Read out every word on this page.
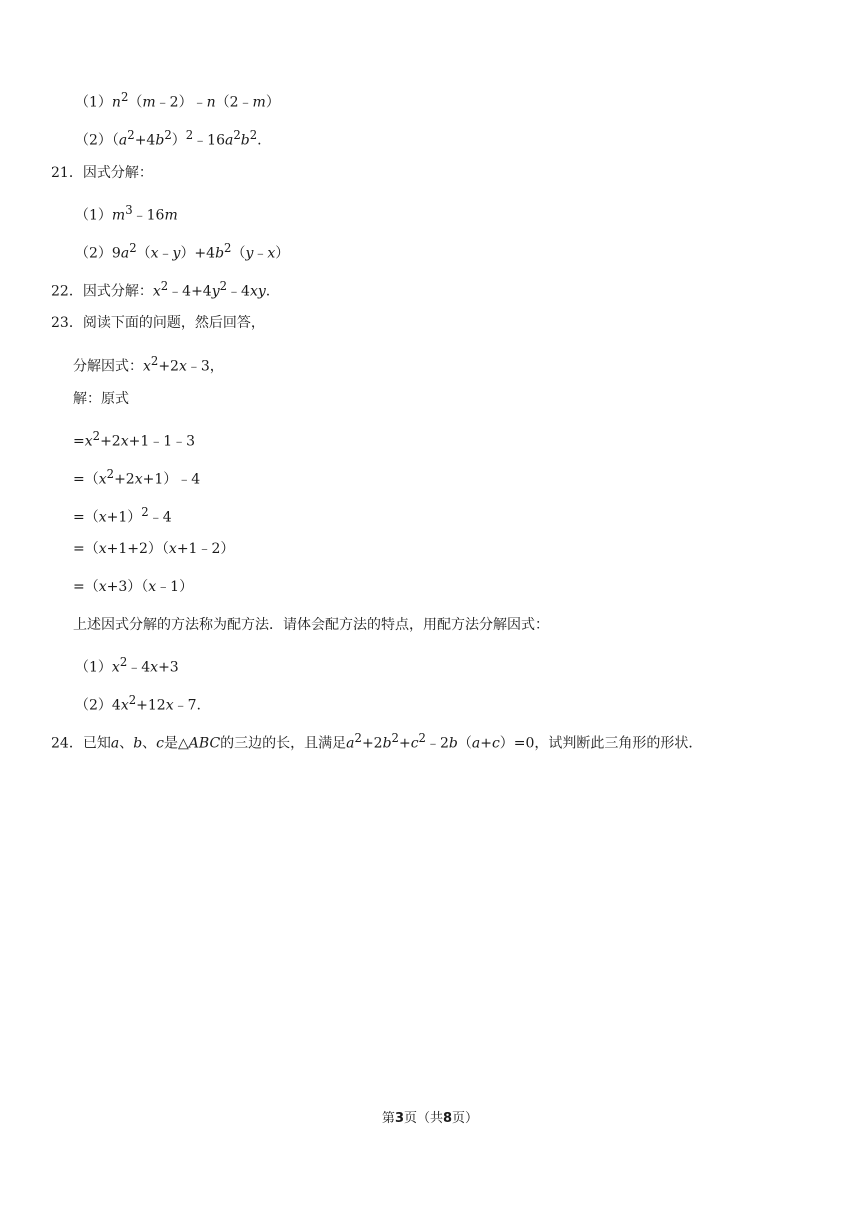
$(1)n^2(m﹣2)﹣n(2﹣m)$
$(2)(a^2+4b^2)^2﹣16a^2b^2$.
21．因式分解：
$(1)m^3﹣16m$
$(2)9a^2(x﹣y)+4b^2(y﹣x)$
22．因式分解：$x^2﹣4+4y^2﹣4xy$.
23．阅读下面的问题，然后回答，
分解因式：$x^2+2x﹣3$，
解：原式
$=x^2+2x+1﹣1﹣3$
$=(x^2+2x+1)﹣4$
$=(x+1)^2﹣4$
=（x+1+2）（x+1﹣2）
=（x+3）（x﹣1）
上述因式分解的方法称为配方法．请体会配方法的特点，用配方法分解因式：
$(1)x^2﹣4x+3$
$(2)4x^2+12x﹣7$.
24．已知a、b、c是△ABC的三边的长，且满足$a^2+2b^2+c^2﹣2b(a+c)=0$，试判断此三角形的形状．
第3页（共8页）
